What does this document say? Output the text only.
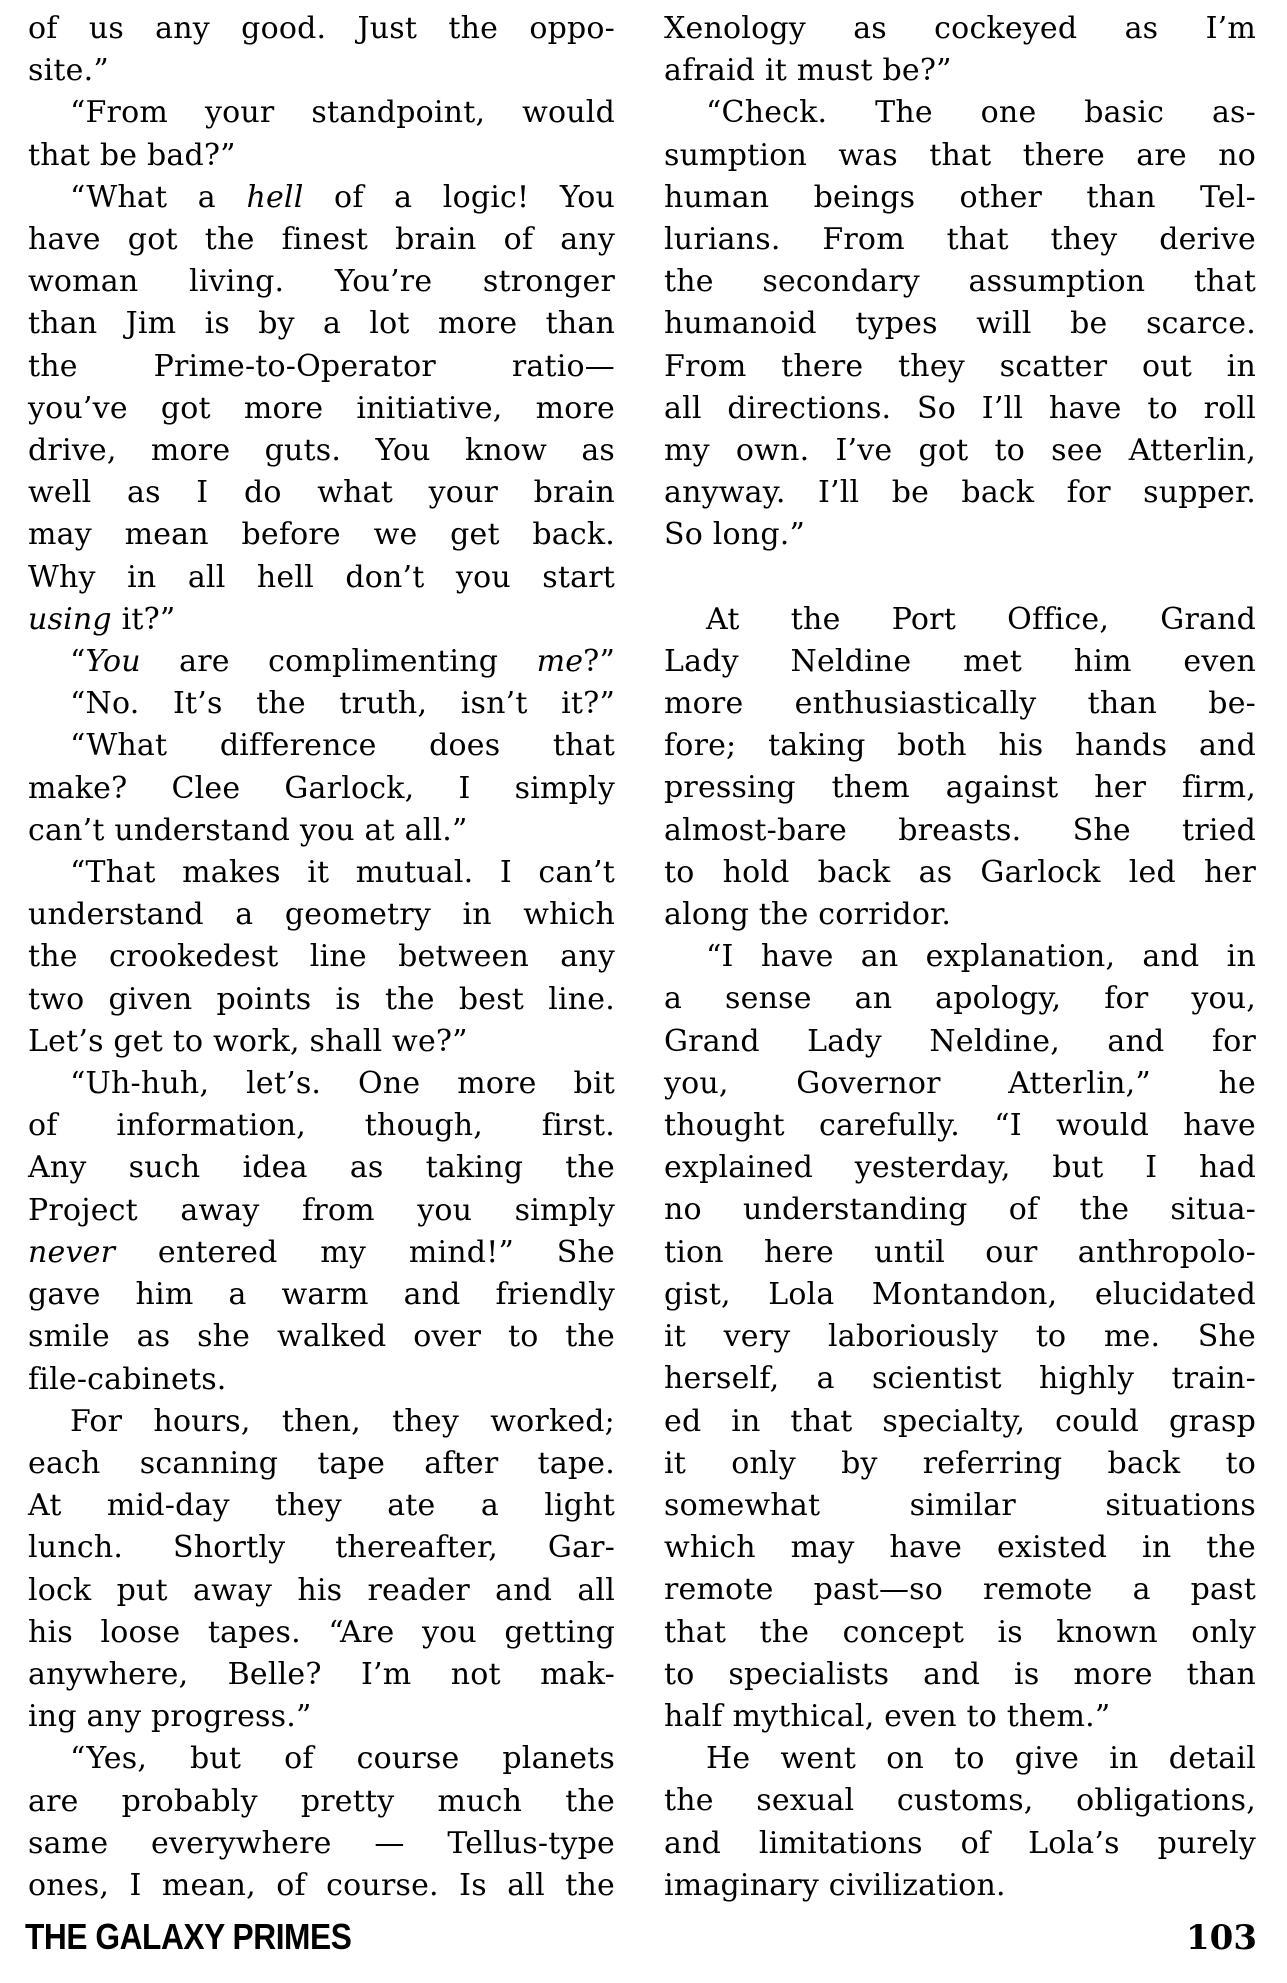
of us any good. Just the oppo-
site.”
“From your standpoint, would
that be bad?”
“What a hell of a logic! You
have got the finest brain of any
woman living. You’re stronger
than Jim is by a lot more than
the Prime-to-Operator ratio—
you’ve got more initiative, more
drive, more guts. You know as
well as I do what your brain
may mean before we get back.
Why in all hell don’t you start
using it?”
“You are complimenting me?”
“No. It’s the truth, isn’t it?”
“What difference does that
make? Clee Garlock, I simply
can’t understand you at all.”
“That makes it mutual. I can’t
understand a geometry in which
the crookedest line between any
two given points is the best line.
Let’s get to work, shall we?”
“Uh-huh, let’s. One more bit
of information, though, first.
Any such idea as taking the
Project away from you simply
never entered my mind!” She
gave him a warm and friendly
smile as she walked over to the
file-cabinets.
For hours, then, they worked;
each scanning tape after tape.
At mid-day they ate a light
lunch. Shortly thereafter, Gar-
lock put away his reader and all
his loose tapes. “Are you getting
anywhere, Belle? I’m not mak-
ing any progress.”
“Yes, but of course planets
are probably pretty much the
same everywhere — Tellus-type
ones, I mean, of course. Is all the
Xenology as cockeyed as I’m
afraid it must be?”
“Check. The one basic as-
sumption was that there are no
human beings other than Tel-
lurians. From that they derive
the secondary assumption that
humanoid types will be scarce.
From there they scatter out in
all directions. So I’ll have to roll
my own. I’ve got to see Atterlin,
anyway. I’ll be back for supper.
So long.”
At the Port Office, Grand
Lady Neldine met him even
more enthusiastically than be-
fore; taking both his hands and
pressing them against her firm,
almost-bare breasts. She tried
to hold back as Garlock led her
along the corridor.
“I have an explanation, and in
a sense an apology, for you,
Grand Lady Neldine, and for
you, Governor Atterlin,” he
thought carefully. “I would have
explained yesterday, but I had
no understanding of the situa-
tion here until our anthropolo-
gist, Lola Montandon, elucidated
it very laboriously to me. She
herself, a scientist highly train-
ed in that specialty, could grasp
it only by referring back to
somewhat similar situations
which may have existed in the
remote past—so remote a past
that the concept is known only
to specialists and is more than
half mythical, even to them.”
He went on to give in detail
the sexual customs, obligations,
and limitations of Lola’s purely
imaginary civilization.
THE GALAXY PRIMES	103
